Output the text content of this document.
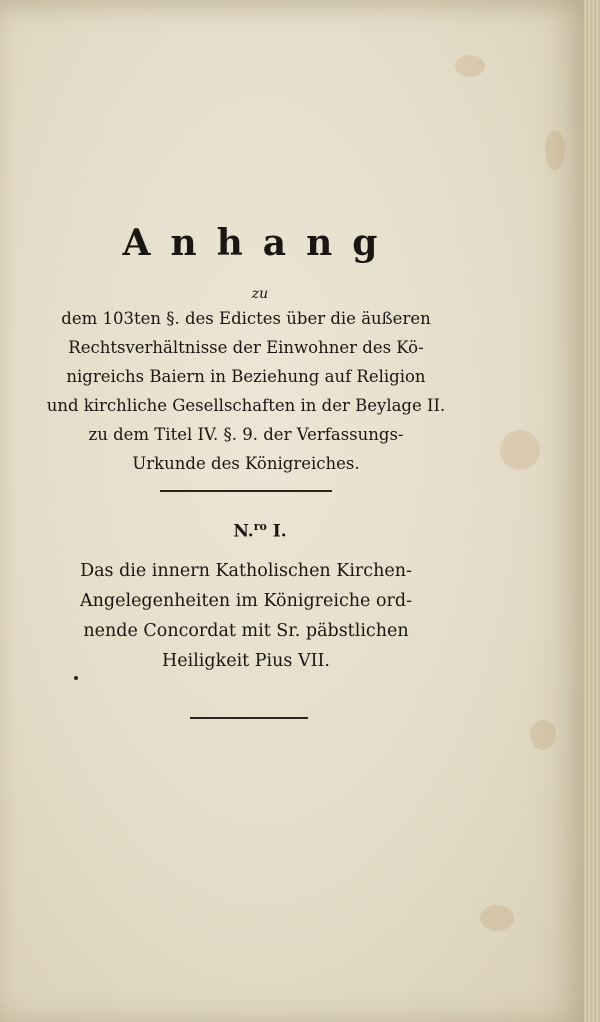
Anhang
zu
dem 103ten §. des Edictes über die äußeren
Rechtsverhältnisse der Einwohner des Kö-
nigreichs Baiern in Beziehung auf Religion
und kirchliche Gesellschaften in der Beylage II.
zu dem Titel IV. §. 9. der Verfassungs-
Urkunde des Königreiches.
N.$^{ro}$ I.
Das die innern Katholischen Kirchen-
Angelegenheiten im Königreiche ord-
nende Concordat mit Sr. päbstlichen
Heiligkeit Pius VII.
